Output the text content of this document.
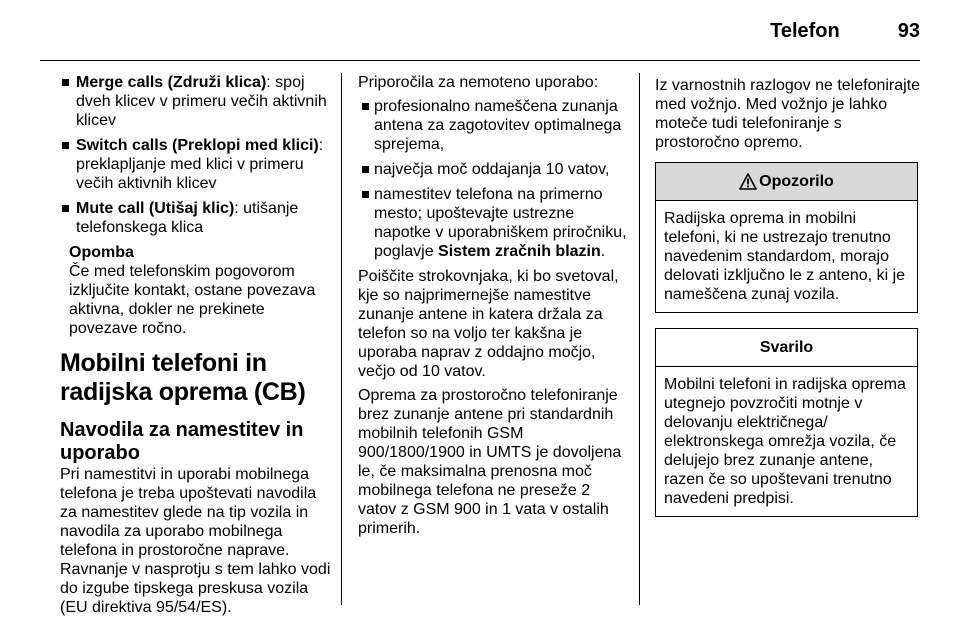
Telefon	93
Merge calls (Združi klica): spoj dveh klicev v primeru večih aktivnih klicev
Switch calls (Preklopi med klici): preklapljanje med klici v primeru večih aktivnih klicev
Mute call (Utišaj klic): utišanje telefonskega klica
Opomba
Če med telefonskim pogovorom izključite kontakt, ostane povezava aktivna, dokler ne prekinete povezave ročno.
Mobilni telefoni in radijska oprema (CB)
Navodila za namestitev in uporabo

Pri namestitvi in uporabi mobilnega telefona je treba upoštevati navodila za namestitev glede na tip vozila in navodila za uporabo mobilnega telefona in prostoročne naprave. Ravnanje v nasprotju s tem lahko vodi do izgube tipskega preskusa vozila (EU direktiva 95/54/ES).

Priporočila za nemoteno uporabo:

profesionalno nameščena zunanja antena za zagotovitev optimalnega sprejema,
največja moč oddajanja 10 vatov,
namestitev telefona na primerno mesto; upoštevajte ustrezne napotke v uporabniškem priročniku, poglavje Sistem zračnih blazin.

Poiščite strokovnjaka, ki bo svetoval, kje so najprimernejše namestitve zunanje antene in katera držala za telefon so na voljo ter kakšna je uporaba naprav z oddajno močjo, večjo od 10 vatov.

Oprema za prostoročno telefoniranje brez zunanje antene pri standardnih mobilnih telefonih GSM 900/1800/1900 in UMTS je dovoljena le, če maksimalna prenosna moč mobilnega telefona ne preseže 2 vatov z GSM 900 in 1 vata v ostalih primerih.

Iz varnostnih razlogov ne telefonirajte med vožnjo. Med vožnjo je lahko moteče tudi telefoniranje s prostoročno opremo.

Opozorilo
Radijska oprema in mobilni telefoni, ki ne ustrezajo trenutno navedenim standardom, morajo delovati izključno le z anteno, ki je nameščena zunaj vozila.
Svarilo
Mobilni telefoni in radijska oprema utegnejo povzročiti motnje v delovanju električnega/ elektronskega omrežja vozila, če delujejo brez zunanje antene, razen če so upoštevani trenutno navedeni predpisi.
